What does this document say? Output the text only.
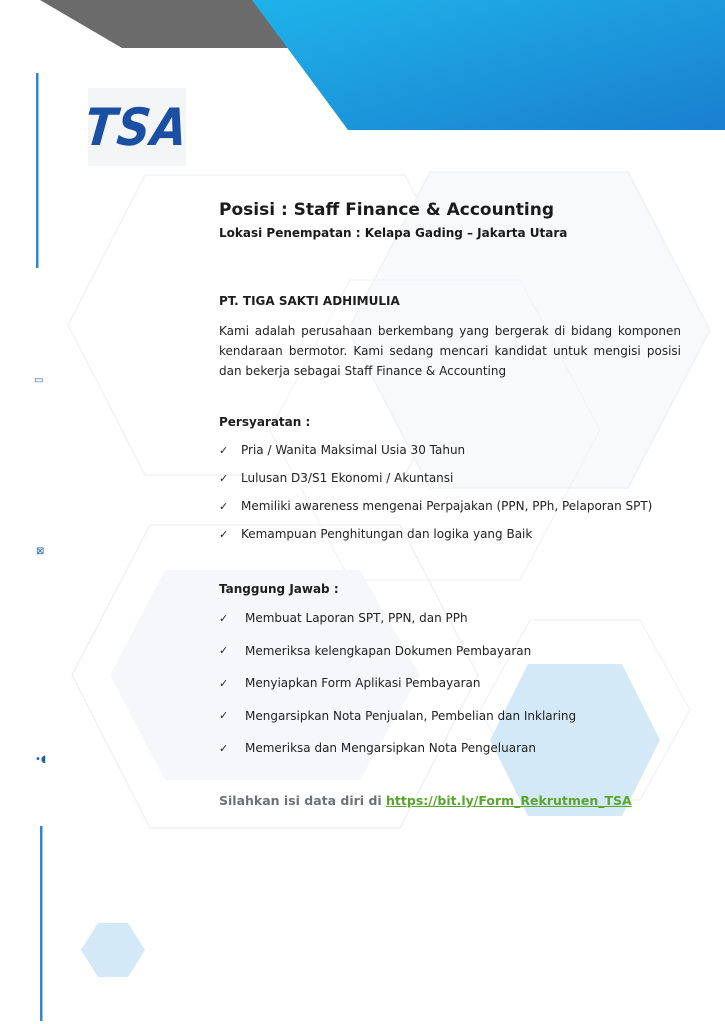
TSA
▭
⊠
•◖
Posisi : Staff Finance & Accounting
Lokasi Penempatan : Kelapa Gading – Jakarta Utara
PT. TIGA SAKTI ADHIMULIA
Kami adalah perusahaan berkembang yang bergerak di bidang komponen kendaraan bermotor. Kami sedang mencari kandidat untuk mengisi posisi dan bekerja sebagai Staff Finance & Accounting
Persyaratan :
✓	Pria / Wanita Maksimal Usia 30 Tahun
✓	Lulusan D3/S1 Ekonomi / Akuntansi
✓	Memiliki awareness mengenai Perpajakan (PPN, PPh, Pelaporan SPT)
✓	Kemampuan Penghitungan dan logika yang Baik
Tanggung Jawab :
✓	Membuat Laporan SPT, PPN, dan PPh
✓	Memeriksa kelengkapan Dokumen Pembayaran
✓	Menyiapkan Form Aplikasi Pembayaran
✓	Mengarsipkan Nota Penjualan, Pembelian dan Inklaring
✓	Memeriksa dan Mengarsipkan Nota Pengeluaran
Silahkan isi data diri di https://bit.ly/Form_Rekrutmen_TSA
